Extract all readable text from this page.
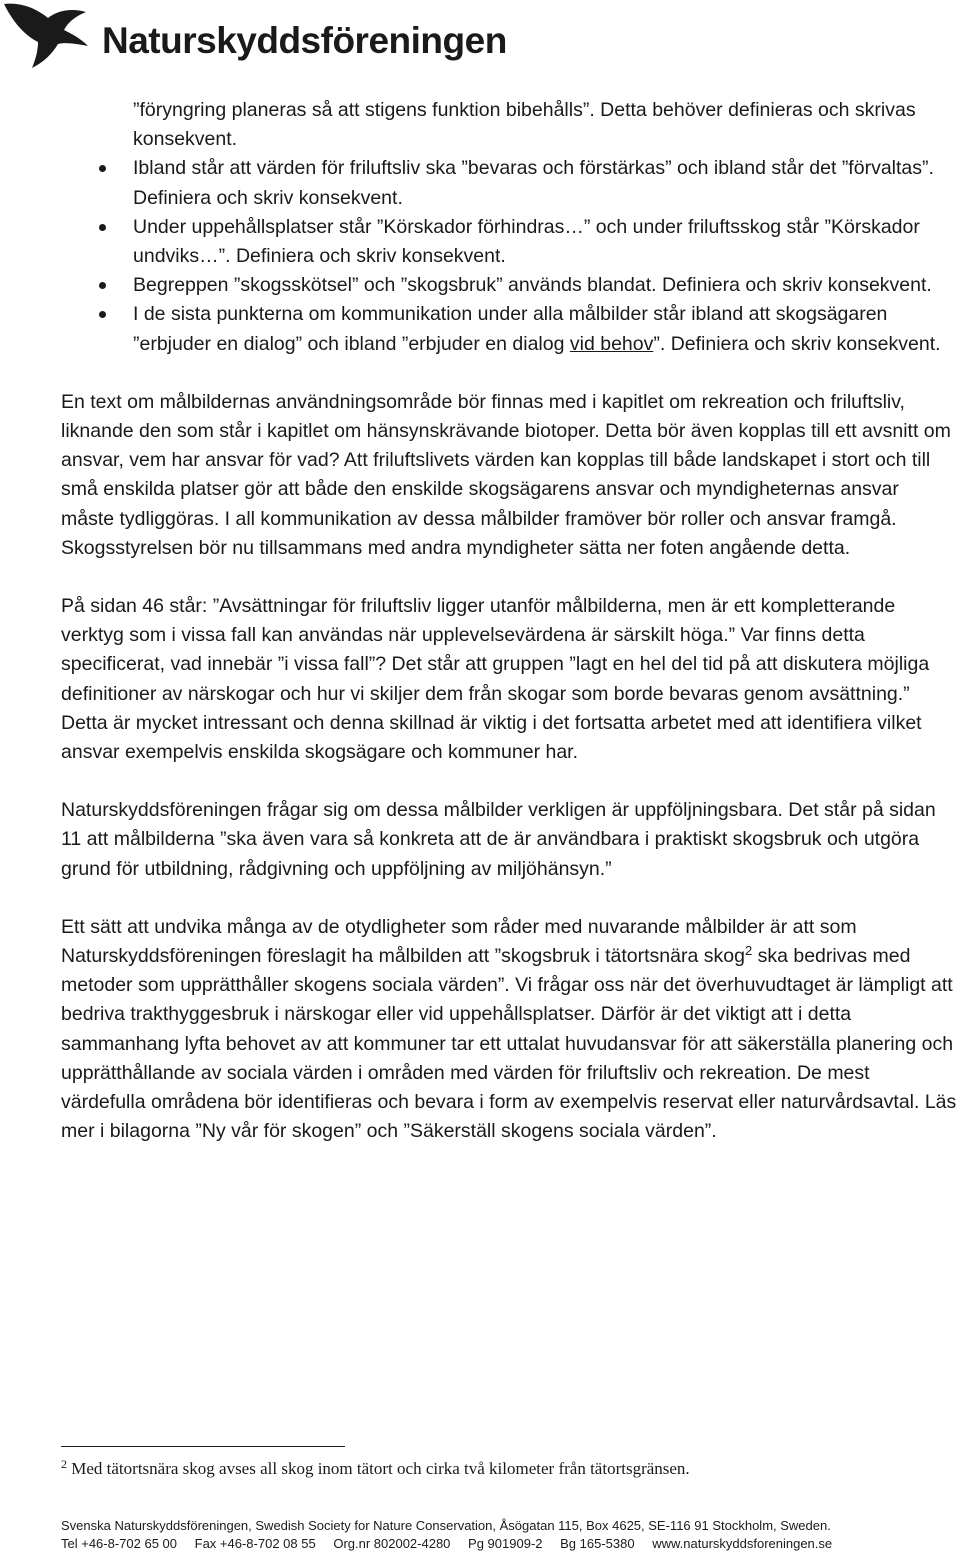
Naturskyddsföreningen
”föryngring planeras så att stigens funktion bibehålls”. Detta behöver definieras och skrivas konsekvent.
Ibland står att värden för friluftsliv ska ”bevaras och förstärkas” och ibland står det ”förvaltas”. Definiera och skriv konsekvent.
Under uppehållsplatser står ”Körskador förhindras…” och under friluftsskog står ”Körskador undviks…”. Definiera och skriv konsekvent.
Begreppen ”skogsskötsel” och ”skogsbruk” används blandat. Definiera och skriv konsekvent.
I de sista punkterna om kommunikation under alla målbilder står ibland att skogsägaren ”erbjuder en dialog” och ibland ”erbjuder en dialog vid behov”. Definiera och skriv konsekvent.

En text om målbildernas användningsområde bör finnas med i kapitlet om rekreation och friluftsliv, liknande den som står i kapitlet om hänsynskrävande biotoper. Detta bör även kopplas till ett avsnitt om ansvar, vem har ansvar för vad? Att friluftslivets värden kan kopplas till både landskapet i stort och till små enskilda platser gör att både den enskilde skogsägarens ansvar och myndigheternas ansvar måste tydliggöras. I all kommunikation av dessa målbilder framöver bör roller och ansvar framgå. Skogsstyrelsen bör nu tillsammans med andra myndigheter sätta ner foten angående detta.

På sidan 46 står: ”Avsättningar för friluftsliv ligger utanför målbilderna, men är ett kompletterande verktyg som i vissa fall kan användas när upplevelsevärdena är särskilt höga.” Var finns detta specificerat, vad innebär ”i vissa fall”? Det står att gruppen ”lagt en hel del tid på att diskutera möjliga definitioner av närskogar och hur vi skiljer dem från skogar som borde bevaras genom avsättning.” Detta är mycket intressant och denna skillnad är viktig i det fortsatta arbetet med att identifiera vilket ansvar exempelvis enskilda skogsägare och kommuner har.

Naturskyddsföreningen frågar sig om dessa målbilder verkligen är uppföljningsbara. Det står på sidan 11 att målbilderna ”ska även vara så konkreta att de är användbara i praktiskt skogsbruk och utgöra grund för utbildning, rådgivning och uppföljning av miljöhänsyn.”

Ett sätt att undvika många av de otydligheter som råder med nuvarande målbilder är att som Naturskyddsföreningen föreslagit ha målbilden att ”skogsbruk i tätortsnära skog$^2$ ska bedrivas med metoder som upprätthåller skogens sociala värden”. Vi frågar oss när det överhuvudtaget är lämpligt att bedriva trakthyggesbruk i närskogar eller vid uppehållsplatser. Därför är det viktigt att i detta sammanhang lyfta behovet av att kommuner tar ett uttalat huvudansvar för att säkerställa planering och upprätthållande av sociala värden i områden med värden för friluftsliv och rekreation. De mest värdefulla områdena bör identifieras och bevara i form av exempelvis reservat eller naturvårdsavtal. Läs mer i bilagorna ”Ny vår för skogen” och ”Säkerställ skogens sociala värden”.

$^2$ Med tätortsnära skog avses all skog inom tätort och cirka två kilometer från tätortsgränsen.
Svenska Naturskyddsföreningen, Swedish Society for Nature Conservation, Åsögatan 115, Box 4625, SE-116 91 Stockholm, Sweden.
Tel +46-8-702 65 00 Fax +46-8-702 08 55 Org.nr 802002-4280 Pg 901909-2 Bg 165-5380 www.naturskyddsforeningen.se
